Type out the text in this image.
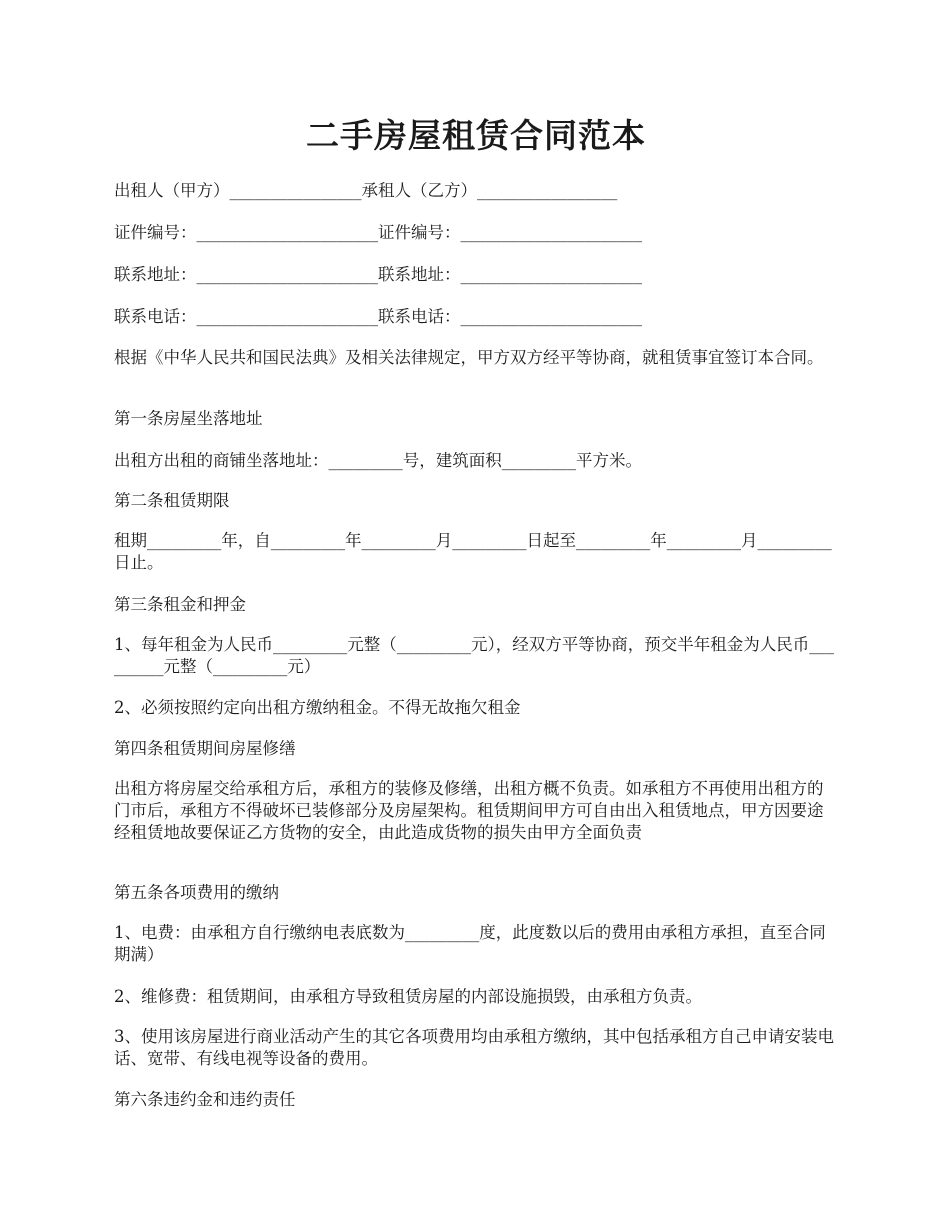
二手房屋租赁合同范本

出租人（甲方）________________承租人（乙方）_________________

证件编号：______________________证件编号：______________________

联系地址：______________________联系地址：______________________

联系电话：______________________联系电话：______________________

根据《中华人民共和国民法典》及相关法律规定，甲方双方经平等协商，就租赁事宜签订本合同。

第一条房屋坐落地址

出租方出租的商铺坐落地址：_________号，建筑面积_________平方米。

第二条租赁期限

租期_________年，自_________年_________月_________日起至_________年_________月_________日止。

第三条租金和押金

1、每年租金为人民币_________元整（_________元），经双方平等协商，预交半年租金为人民币_________元整（_________元）

2、必须按照约定向出租方缴纳租金。不得无故拖欠租金

第四条租赁期间房屋修缮

出租方将房屋交给承租方后，承租方的装修及修缮，出租方概不负责。如承租方不再使用出租方的门市后，承租方不得破坏已装修部分及房屋架构。租赁期间甲方可自由出入租赁地点，甲方因要途经租赁地故要保证乙方货物的安全，由此造成货物的损失由甲方全面负责

第五条各项费用的缴纳

1、电费：由承租方自行缴纳电表底数为_________度，此度数以后的费用由承租方承担，直至合同期满）

2、维修费：租赁期间，由承租方导致租赁房屋的内部设施损毁，由承租方负责。

3、使用该房屋进行商业活动产生的其它各项费用均由承租方缴纳，其中包括承租方自己申请安装电话、宽带、有线电视等设备的费用。

第六条违约金和违约责任
